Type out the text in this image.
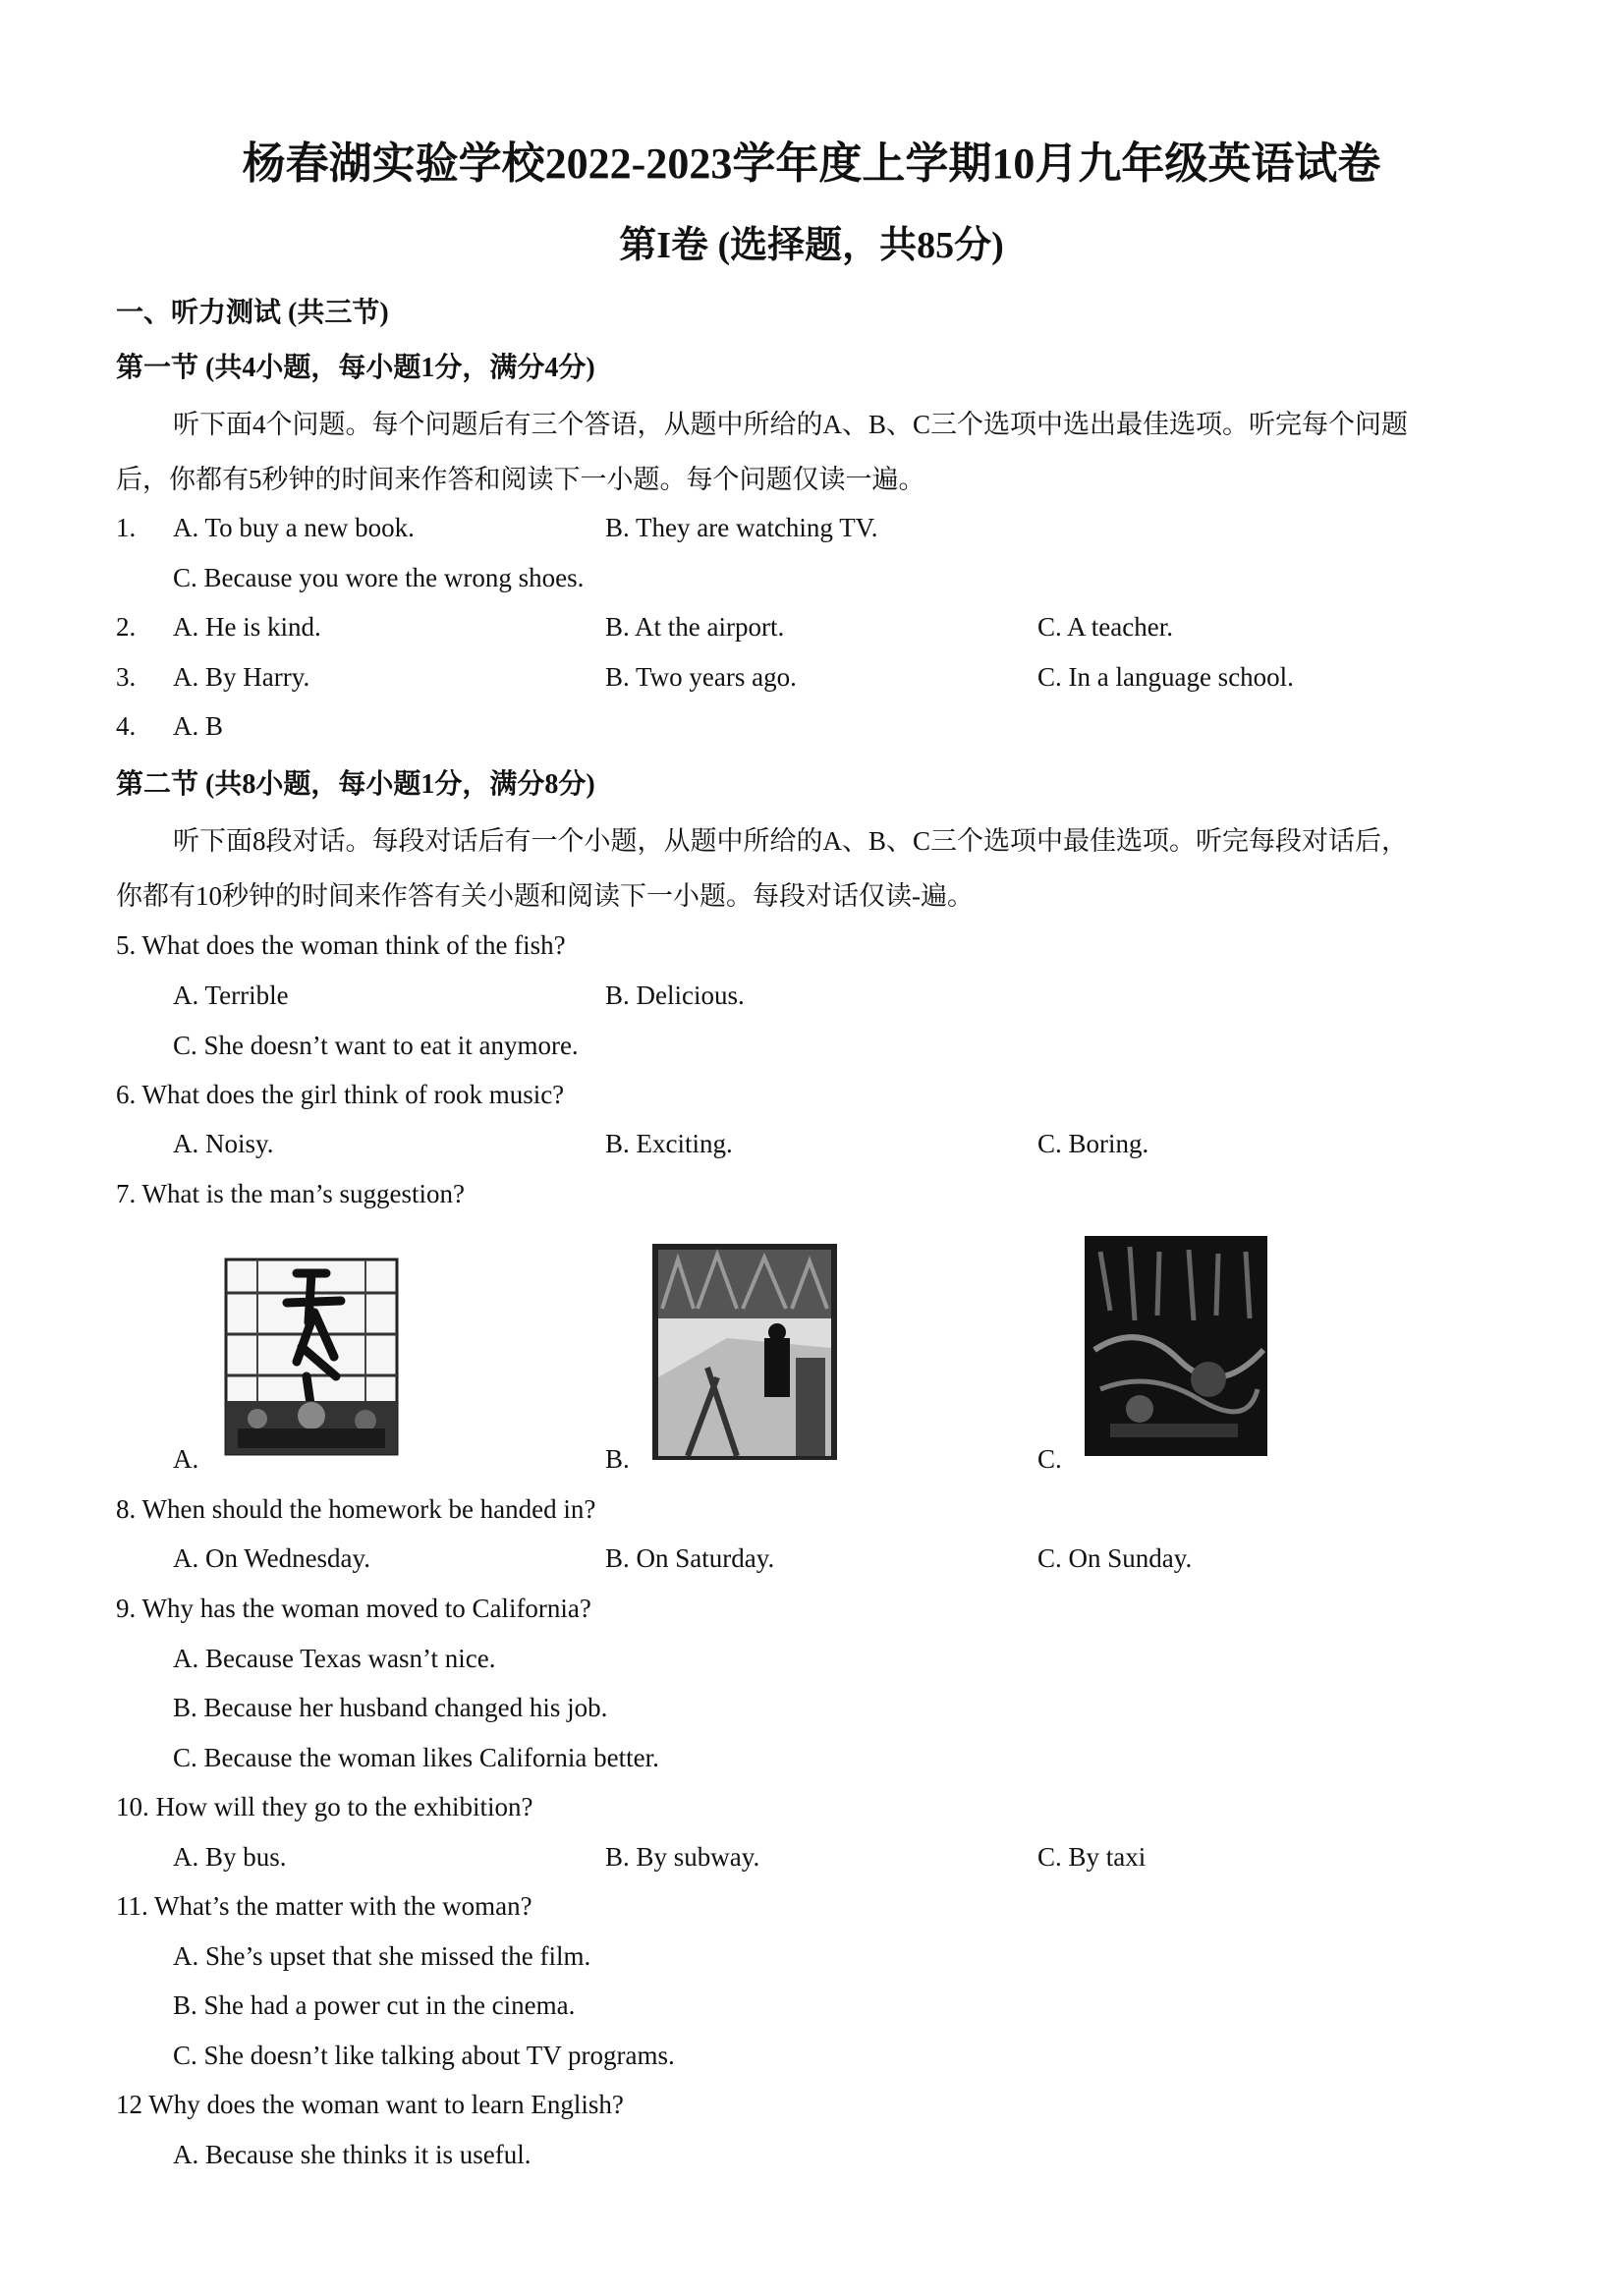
杨春湖实验学校2022-2023学年度上学期10月九年级英语试卷
第I卷 (选择题，共85分)
一、听力测试 (共三节)
第一节 (共4小题，每小题1分，满分4分)
听下面4个问题。每个问题后有三个答语，从题中所给的A、B、C三个选项中选出最佳选项。听完每个问题
后，你都有5秒钟的时间来作答和阅读下一小题。每个问题仅读一遍。
1. A. To buy a new book.	B. They are watching TV.
C. Because you wore the wrong shoes.
2. A. He is kind.	B. At the airport.	C. A teacher.
3. A. By Harry.	B. Two years ago.	C. In a language school.
4. A. B
第二节 (共8小题，每小题1分，满分8分)
听下面8段对话。每段对话后有一个小题，从题中所给的A、B、C三个选项中最佳选项。听完每段对话后，
你都有10秒钟的时间来作答有关小题和阅读下一小题。每段对话仅读-遍。
5. What does the woman think of the fish?
A. Terrible	B. Delicious.
C. She doesn’t want to eat it anymore.
6. What does the girl think of rook music?
A. Noisy.	B. Exciting.	C. Boring.
7. What is the man’s suggestion?
A.	B.	C.
8. When should the homework be handed in?
A. On Wednesday.	B. On Saturday.	C. On Sunday.
9. Why has the woman moved to California?
A. Because Texas wasn’t nice.
B. Because her husband changed his job.
C. Because the woman likes California better.
10. How will they go to the exhibition?
A. By bus.	B. By subway.	C. By taxi
11. What’s the matter with the woman?
A. She’s upset that she missed the film.
B. She had a power cut in the cinema.
C. She doesn’t like talking about TV programs.
12 Why does the woman want to learn English?
A. Because she thinks it is useful.
